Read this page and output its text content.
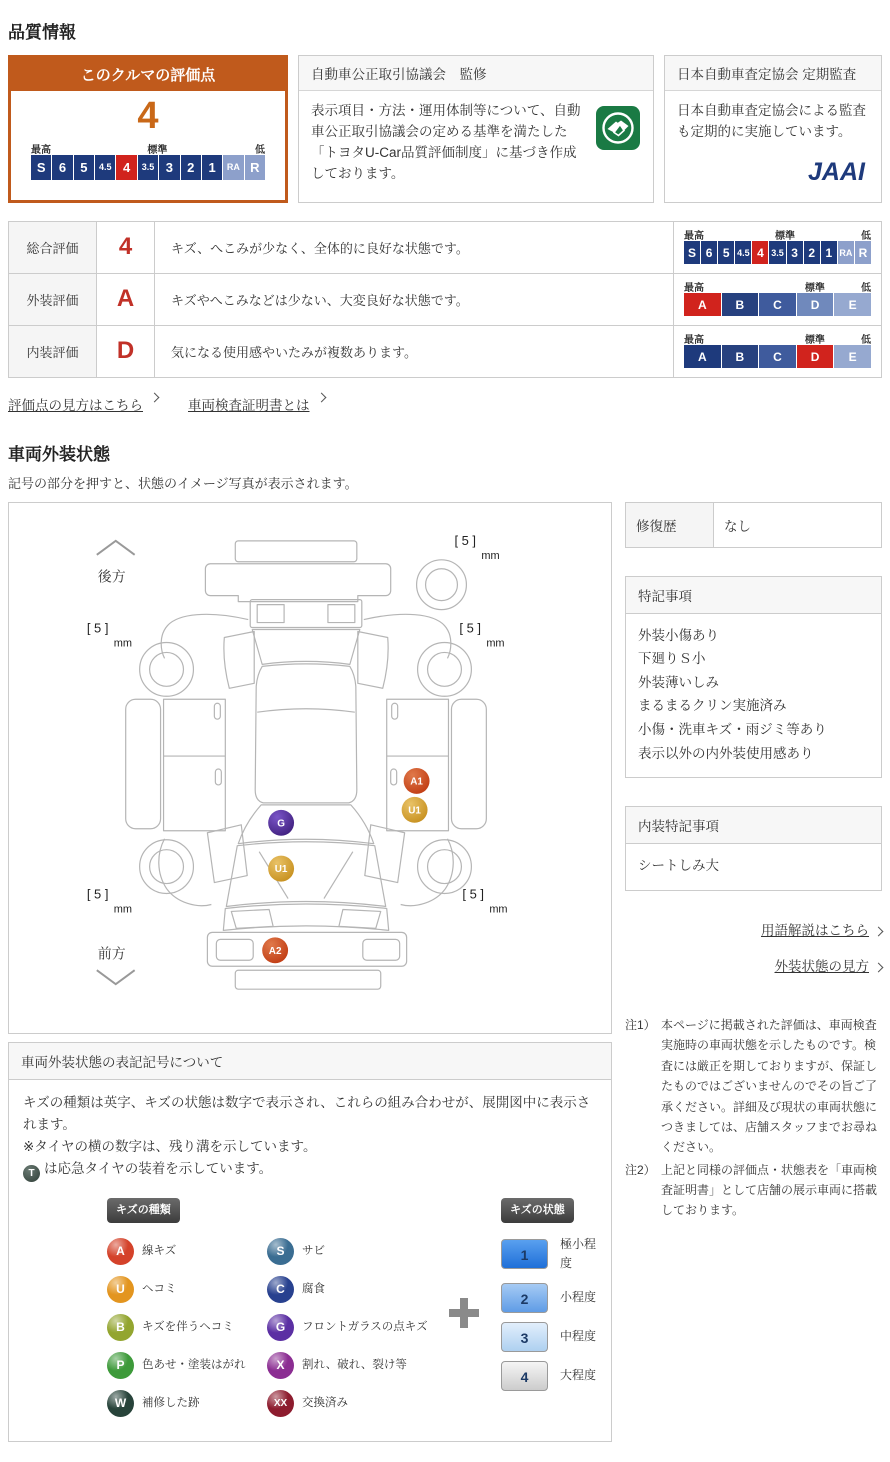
品質情報
このクルマの評価点
4
最高	標準	低
S	6	5	4.5 4	3.5 3	2	1	RA R
自動車公正取引協議会　監修
表示項目・方法・運用体制等について、自動車公正取引協議会の定める基準を満たした「トヨタU-Car品質評価制度」に基づき作成しております。
日本自動車査定協会 定期監査
日本自動車査定協会による監査も定期的に実施しています。
JAAI
総合評価	4	キズ、へこみが少なく、全体的に良好な状態です。	
最高	標準	低
S 6 5 4.5 4 3.5 3 2 1 RA R

外装評価	A	キズやへこみなどは少ない、大変良好な状態です。	
最高	標準	低
A	B	C	D	E

内装評価	D	気になる使用感やいたみが複数あります。	
最高	標準	低
A	B	C	D	E
評価点の見方はこちら	車両検査証明書とは
車両外装状態
記号の部分を押すと、状態のイメージ写真が表示されます。
後方
前方
[ 5 ]
mm
[ 5 ]
mm
[ 5 ]
mm
[ 5 ]
mm
[ 5 ]
mm
A1
U1
G
U1
A2
車両外装状態の表記記号について
キズの種類は英字、キズの状態は数字で表示され、これらの組み合わせが、展開図中に表示されます。
※タイヤの横の数字は、残り溝を示しています。
T は応急タイヤの装着を示しています。
キズの種類
A	線キズ
U	ヘコミ
B	キズを伴うヘコミ
P	色あせ・塗装はがれ
W	補修した跡
S	サビ
C	腐食
G	フロントガラスの点キズ
X	割れ、破れ、裂け等
XX	交換済み
キズの状態
1
極小程度
2	小程度
3	中程度
4	大程度
修復歴	なし
特記事項
外装小傷あり
下廻りＳ小
外装薄いしみ
まるまるクリン実施済み
小傷・洗車キズ・雨ジミ等あり
表示以外の内外装使用感あり
内装特記事項
シートしみ大
用語解説はこちら
外装状態の見方
注1） 本ページに掲載された評価は、車両検査実施時の車両状態を示したものです。検査には厳正を期しておりますが、保証したものではございませんのでその旨ご了承ください。詳細及び現状の車両状態につきましては、店舗スタッフまでお尋ねください。
注2） 上記と同様の評価点・状態表を「車両検査証明書」として店舗の展示車両に搭載しております。
